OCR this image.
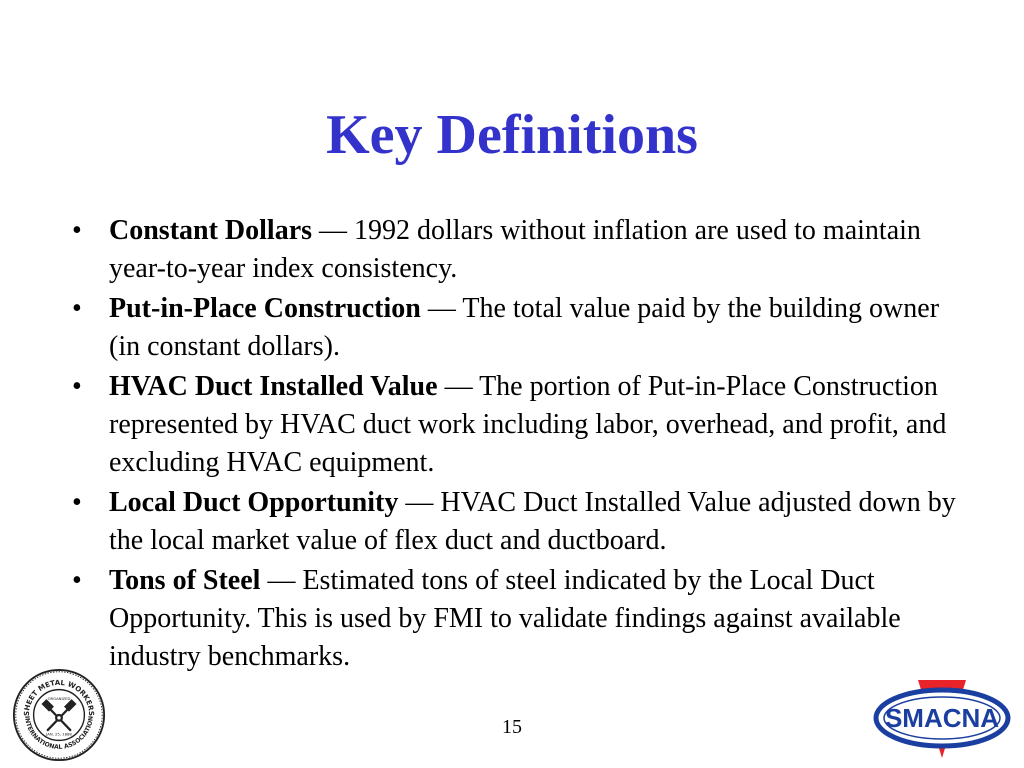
Key Definitions
• Constant Dollars — 1992 dollars without inflation are used to maintain year-to-year index consistency.
• Put-in-Place Construction — The total value paid by the building owner (in constant dollars).
• HVAC Duct Installed Value — The portion of Put-in-Place Construction represented by HVAC duct work including labor, overhead, and profit, and excluding HVAC equipment.
• Local Duct Opportunity — HVAC Duct Installed Value adjusted down by the local market value of flex duct and ductboard.
• Tons of Steel — Estimated tons of steel indicated by the Local Duct Opportunity. This is used by FMI to validate findings against available industry benchmarks.
SHEET METAL WORKERS
INTERNATIONAL ASSOCIATION
ORGANIZED
JAN. 25, 1888	15	SMACNA
